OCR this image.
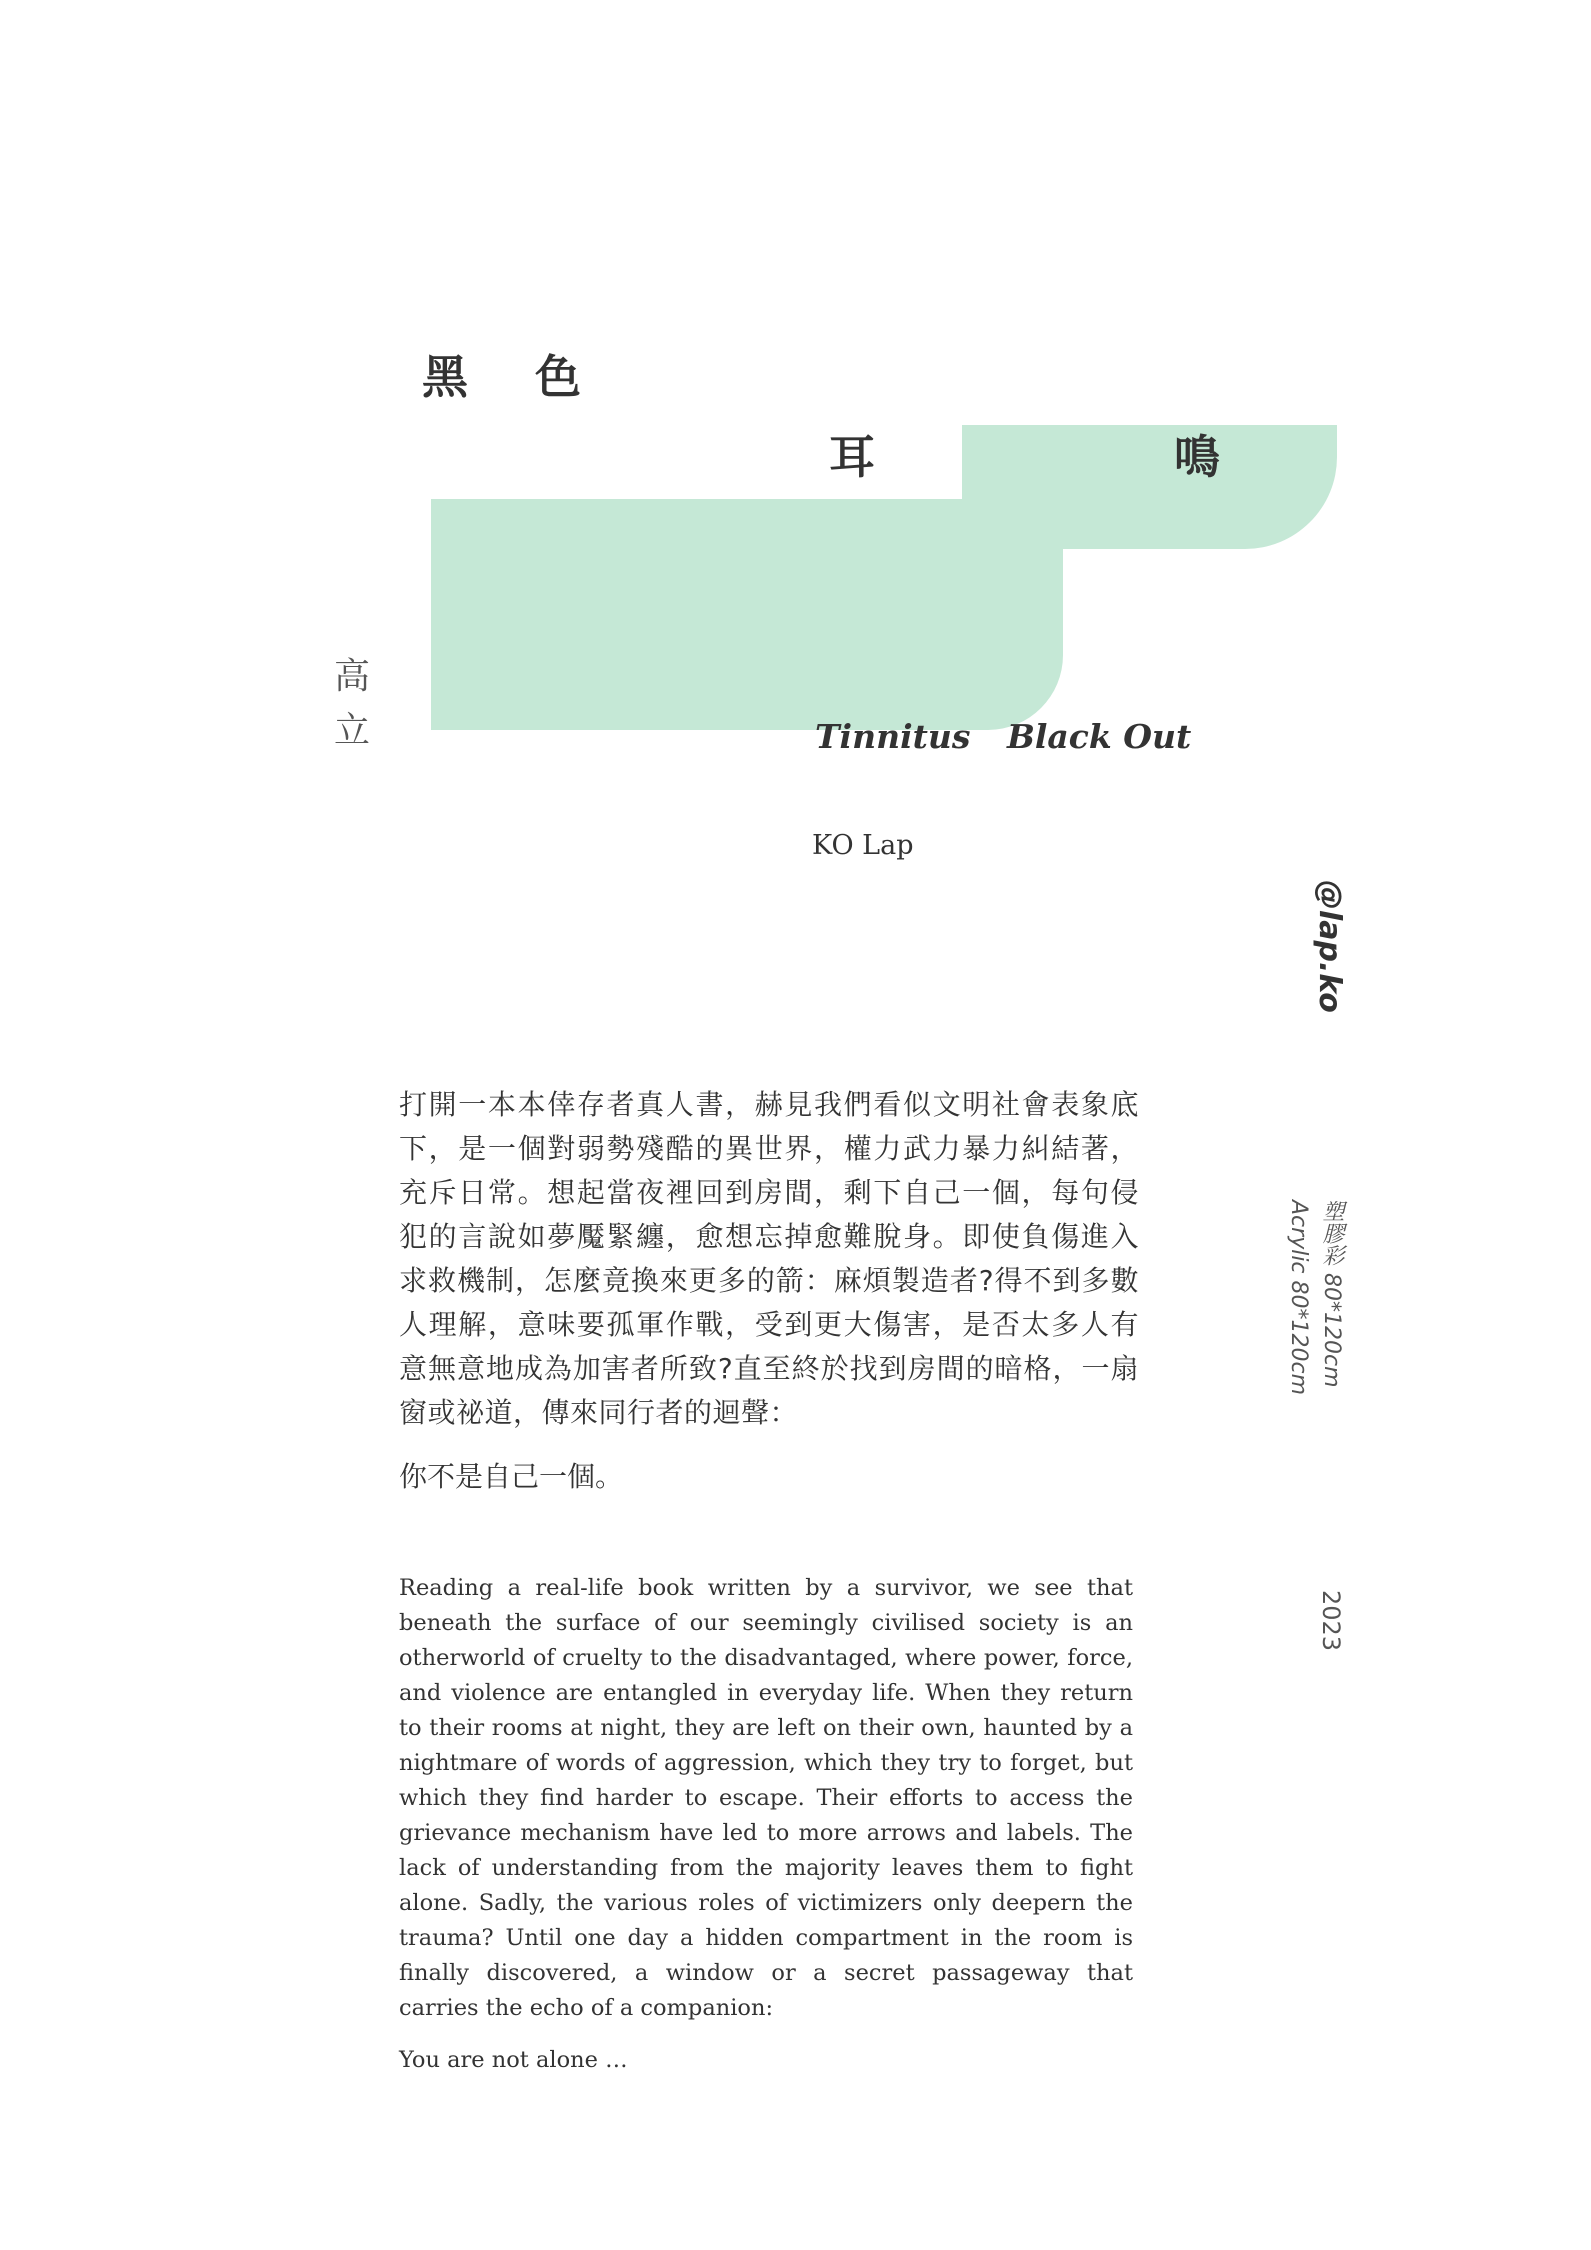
黑 色
耳	鳴
Tinnitus Black Out
高
立
KO Lap
@lap.ko
塑膠彩 80*120cm
Acrylic 80*120cm
2023

打開一本本倖存者真人書，赫見我們看似文明社會表象底下，是一個對弱勢殘酷的異世界，權力武力暴力糾結著，充斥日常。想起當夜裡回到房間，剩下自己一個，每句侵犯的言說如夢魘緊纏，愈想忘掉愈難脫身。即使負傷進入求救機制，怎麼竟換來更多的箭：麻煩製造者?得不到多數人理解，意味要孤軍作戰，受到更大傷害，是否太多人有意無意地成為加害者所致?直至終於找到房間的暗格，一扇窗或祕道，傳來同行者的迴聲：

你不是自己一個。

Reading a real-life book written by a survivor, we see that beneath the surface of our seemingly civilised society is an otherworld of cruelty to the disadvantaged, where power, force, and violence are entangled in everyday life. When they return to their rooms at night, they are left on their own, haunted by a nightmare of words of aggression, which they try to forget, but which they find harder to escape. Their efforts to access the grievance mechanism have led to more arrows and labels. The lack of understanding from the majority leaves them to fight alone. Sadly, the various roles of victimizers only deepern the trauma? Until one day a hidden compartment in the room is finally discovered, a window or a secret passageway that carries the echo of a companion:

You are not alone …
